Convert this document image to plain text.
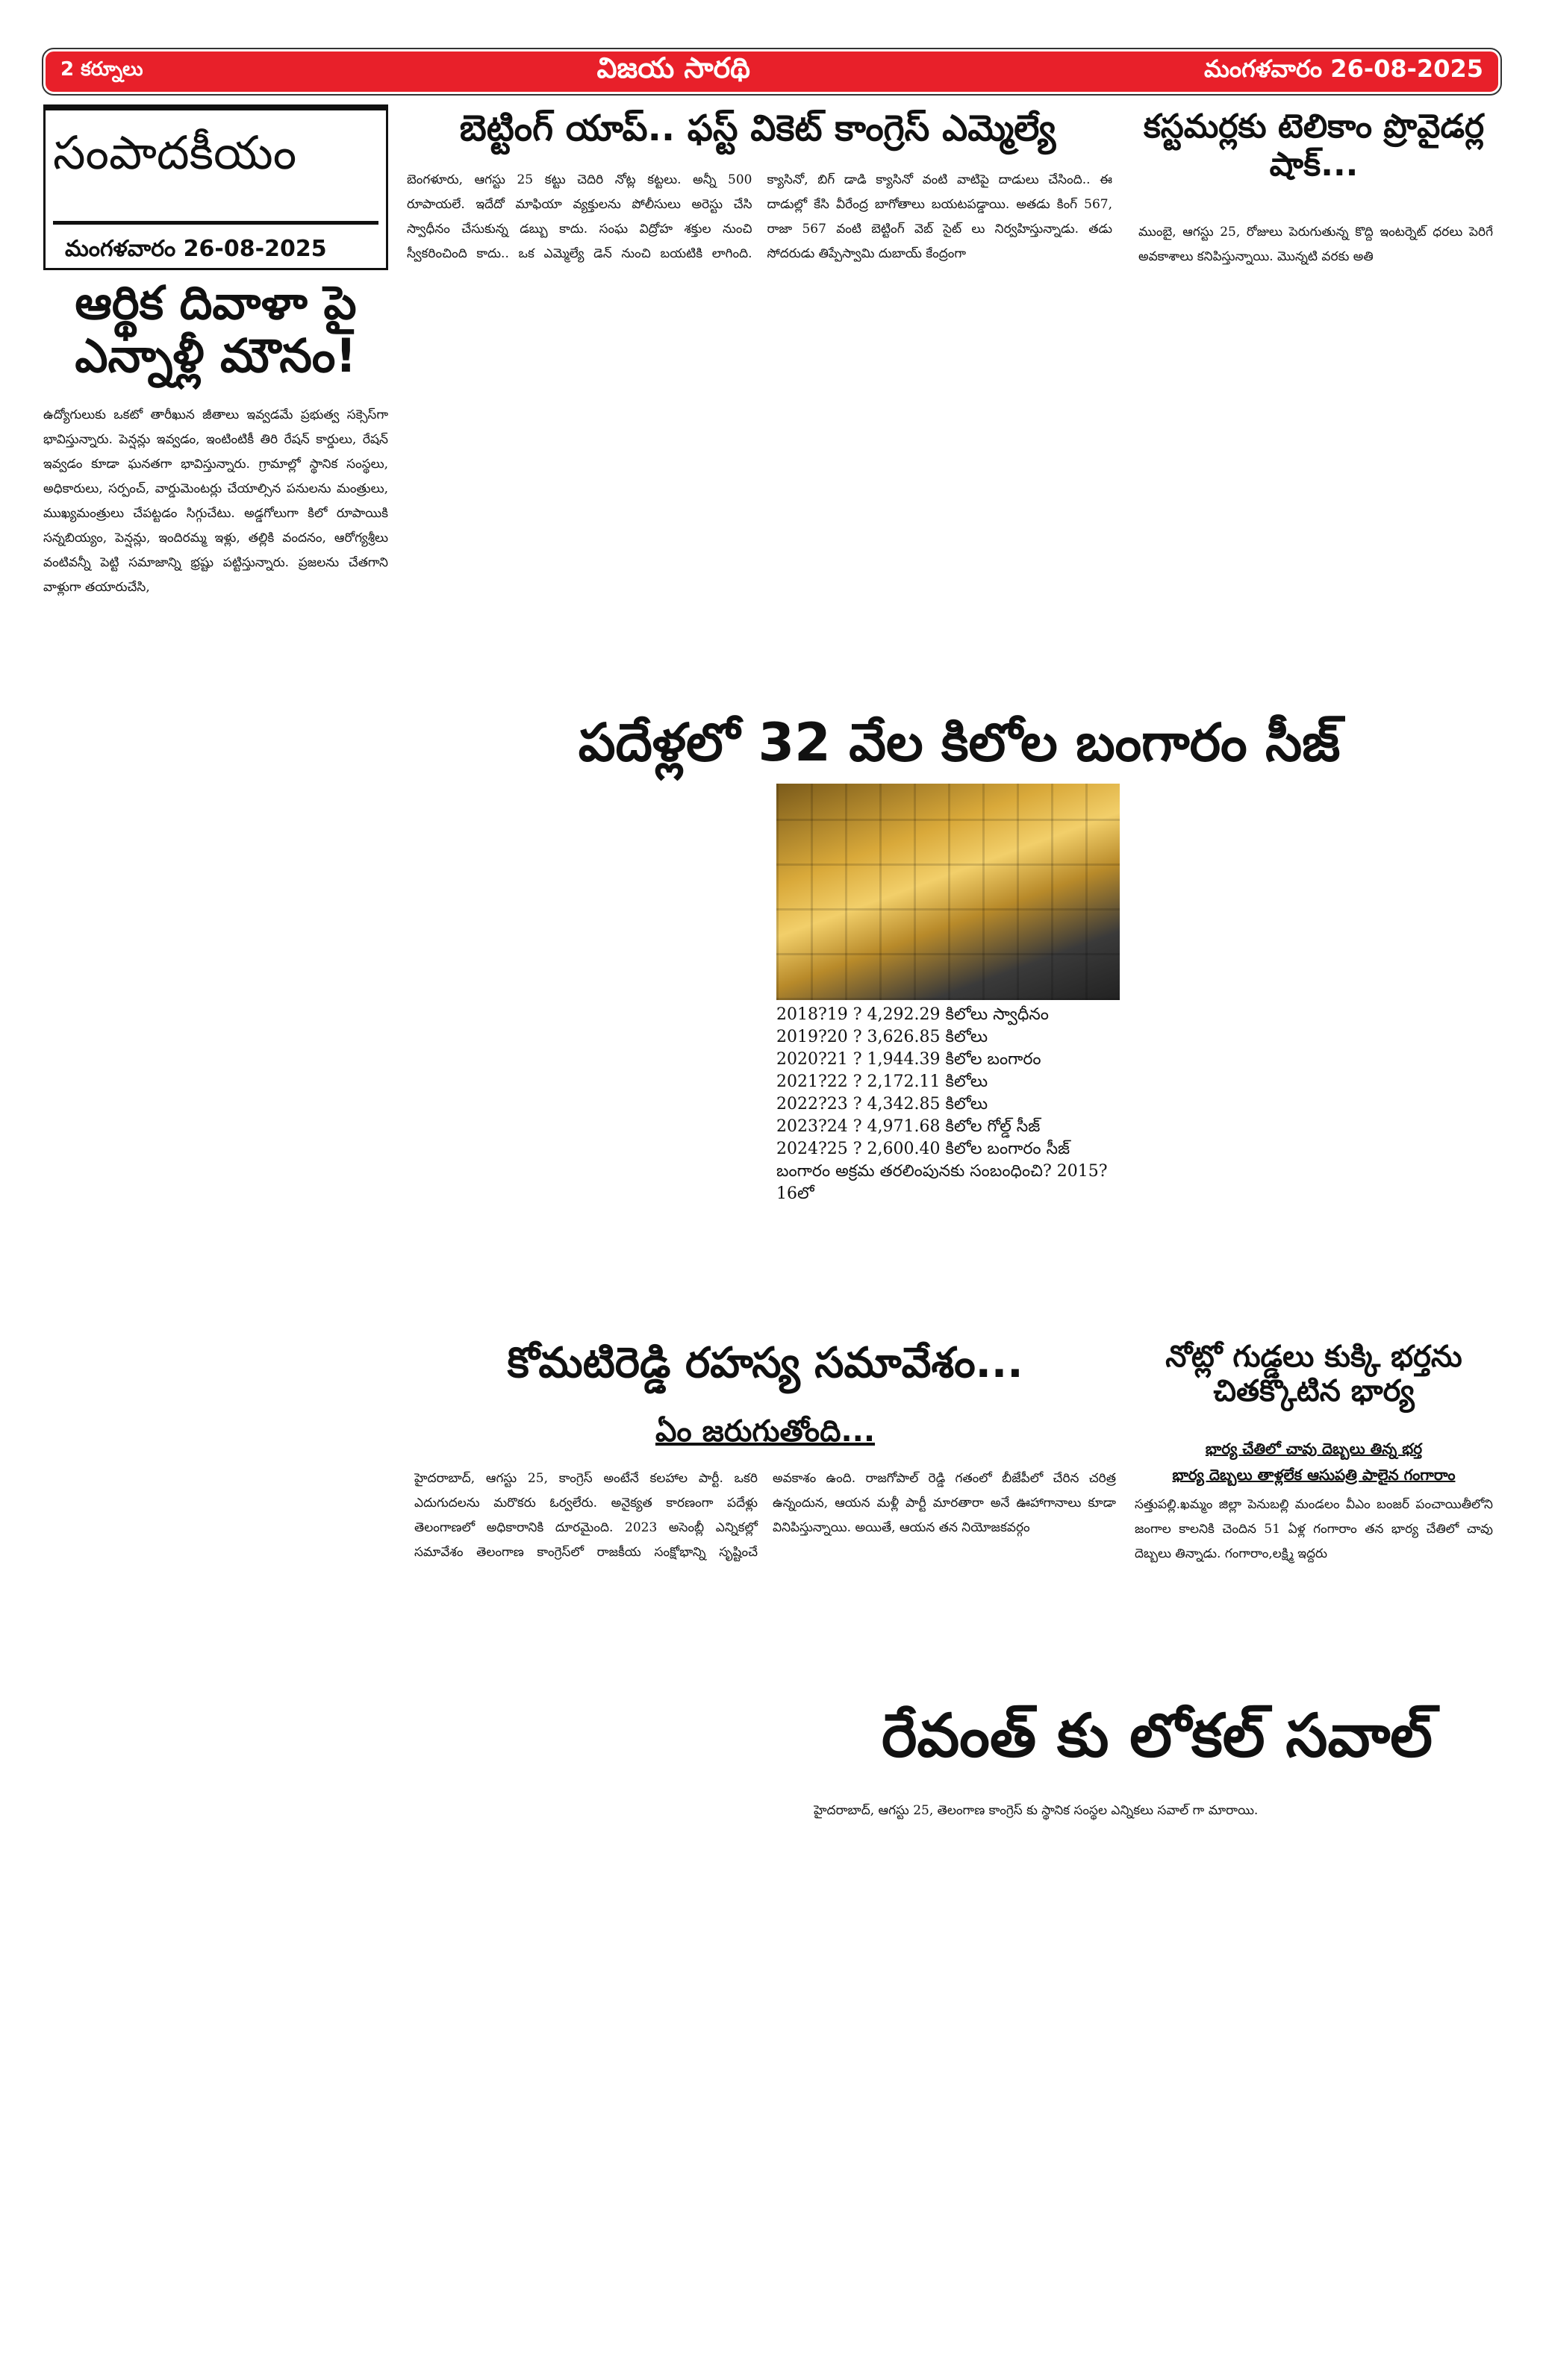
2 కర్నూలు	విజయ సారథి	మంగళవారం 26-08-2025
సంపాదకీయం
మంగళవారం 26-08-2025
ఆర్థిక దివాళా పై ఎన్నాళ్లీ మౌనం!
ఉద్యోగులుకు ఒకటో తారీఖున జీతాలు ఇవ్వడమే ప్రభుత్వ సక్సెస్‌గా భావిస్తున్నారు. పెన్షన్లు ఇవ్వడం, ఇంటింటికీ తిరి రేషన్ కార్డులు, రేషన్ ఇవ్వడం కూడా ఘనతగా భావిస్తున్నారు. గ్రామాల్లో స్థానిక సంస్థలు, అధికారులు, సర్పంచ్, వార్డుమెంటర్లు చేయాల్సిన పనులను మంత్రులు, ముఖ్యమంత్రులు చేపట్టడం సిగ్గుచేటు. అడ్డగోలుగా కిలో రూపాయికి సన్నబియ్యం, పెన్షన్లు, ఇందిరమ్మ ఇళ్లు, తల్లికి వందనం, ఆరోగ్యశ్రీలు వంటివన్నీ పెట్టి సమాజాన్ని భ్రష్టు పట్టిస్తున్నారు. ప్రజలను చేతగాని వాళ్లుగా తయారుచేసి,
బెట్టింగ్ యాప్.. ఫస్ట్ వికెట్ కాంగ్రెస్ ఎమ్మెల్యే
బెంగళూరు, ఆగస్టు 25 కట్టు చెదిరి నోట్ల కట్టలు. అన్నీ 500 రూపాయలే. ఇదేదో మాఫియా వ్యక్తులను పోలీసులు అరెస్టు చేసి స్వాధీనం చేసుకున్న డబ్బు కాదు. సంఘ విద్రోహ శక్తుల నుంచి స్వీకరించింది కాదు.. ఒక ఎమ్మెల్యే డెన్ నుంచి బయటికి లాగింది. క్యాసినో, బిగ్ డాడి క్యాసినో వంటి వాటిపై దాడులు చేసింది.. ఈ దాడుల్లో కేసి వీరేంద్ర బాగోతాలు బయటపడ్డాయి. అతడు కింగ్ 567, రాజా 567 వంటి బెట్టింగ్ వెబ్ సైట్ లు నిర్వహిస్తున్నాడు. తడు సోదరుడు తిప్పేస్వామి దుబాయ్ కేంద్రంగా
కస్టమర్లకు టెలికాం ప్రొవైడర్ల షాక్...
ముంబై, ఆగస్టు 25, రోజులు పెరుగుతున్న కొద్ది ఇంటర్నెట్ ధరలు పెరిగే అవకాశాలు కనిపిస్తున్నాయి. మొన్నటి వరకు అతి
పదేళ్లలో 32 వేల కిలోల బంగారం సీజ్
2018?19 ? 4,292.29 కిలోలు స్వాధీనం
2019?20 ? 3,626.85 కిలోలు
2020?21 ? 1,944.39 కిలోల బంగారం
2021?22 ? 2,172.11 కిలోలు
2022?23 ? 4,342.85 కిలోలు
2023?24 ? 4,971.68 కిలోల గోల్డ్ సీజ్
2024?25 ? 2,600.40 కిలోల బంగారం సీజ్
బంగారం అక్రమ తరలింపునకు సంబంధించి? 2015?16లో
కోమటిరెడ్డి రహస్య సమావేశం...
ఏం జరుగుతోంది...
హైదరాబాద్, ఆగస్టు 25, కాంగ్రెస్ అంటేనే కలహాల పార్టీ. ఒకరి ఎదుగుదలను మరొకరు ఓర్వలేరు. అనైక్యత కారణంగా పదేళ్లు తెలంగాణలో అధికారానికి దూరమైంది. 2023 అసెంబ్లీ ఎన్నికల్లో సమావేశం తెలంగాణ కాంగ్రెస్‌లో రాజకీయ సంక్షోభాన్ని సృష్టించే అవకాశం ఉంది. రాజగోపాల్ రెడ్డి గతంలో బీజేపీలో చేరిన చరిత్ర ఉన్నందున, ఆయన మళ్లీ పార్టీ మారతారా అనే ఊహాగానాలు కూడా వినిపిస్తున్నాయి. అయితే, ఆయన తన నియోజకవర్గం
నోట్లో గుడ్డలు కుక్కి భర్తను చితక్కొటిన భార్య
భార్య చేతిలో చావు దెబ్బలు తిన్న భర్త
భార్య దెబ్బలు తాళ్లలేక ఆసుపత్రి పాలైన గంగారాం
సత్తుపల్లి.ఖమ్మం జిల్లా పెనుబల్లి మండలం వీఎం బంజర్ పంచాయితీలోని జంగాల కాలనికి చెందిన 51 ఏళ్ల గంగారాం తన భార్య చేతిలో చావు దెబ్బలు తిన్నాడు. గంగారాం,లక్ష్మి ఇద్దరు
రేవంత్ కు లోకల్ సవాల్
హైదరాబాద్, ఆగస్టు 25, తెలంగాణ కాంగ్రెస్ కు స్థానిక సంస్థల ఎన్నికలు సవాల్ గా మారాయి.
